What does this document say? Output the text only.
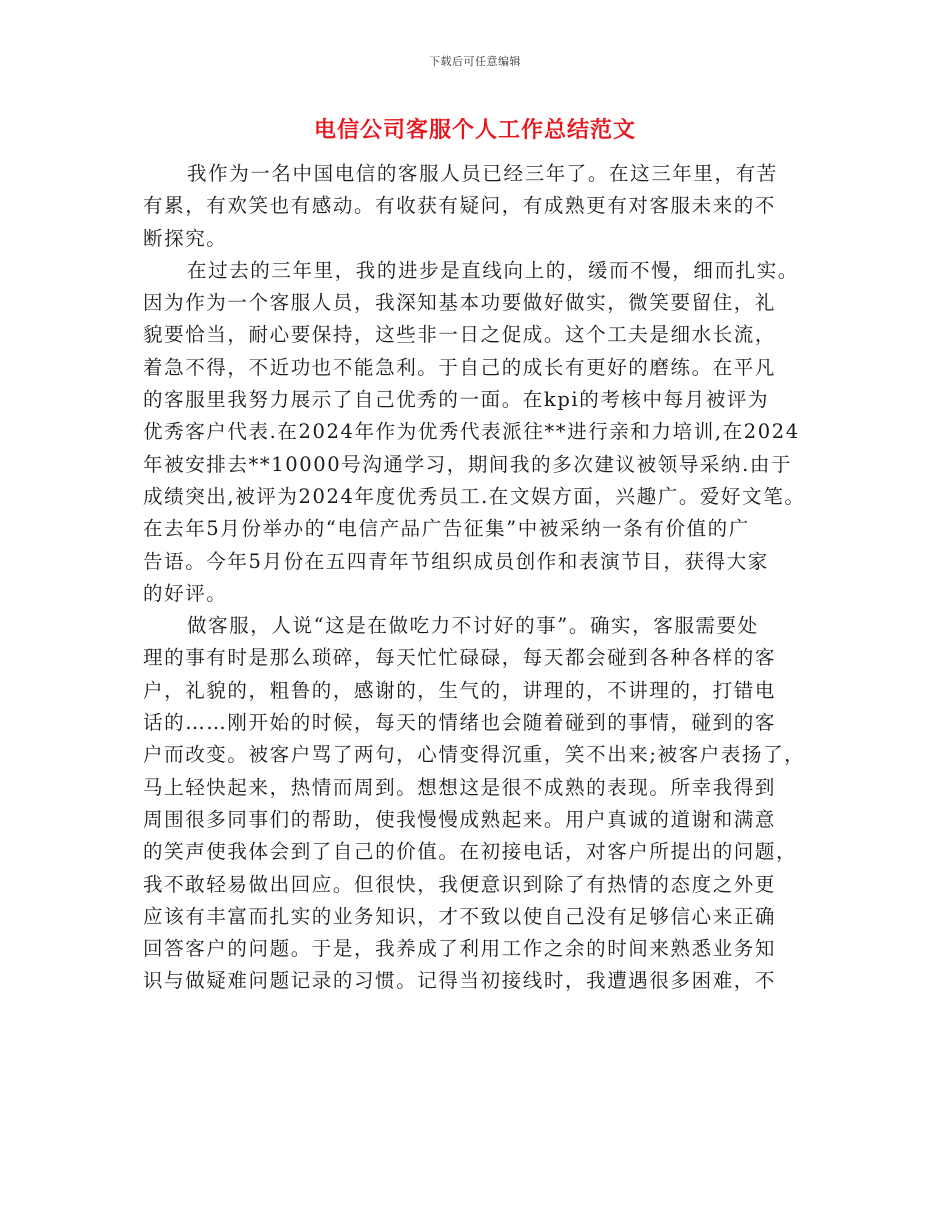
下载后可任意编辑
电信公司客服个人工作总结范文
我作为一名中国电信的客服人员已经三年了。在这三年里，有苦
有累，有欢笑也有感动。有收获有疑问，有成熟更有对客服未来的不
断探究。
在过去的三年里，我的进步是直线向上的，缓而不慢，细而扎实。
因为作为一个客服人员，我深知基本功要做好做实，微笑要留住，礼
貌要恰当，耐心要保持，这些非一日之促成。这个工夫是细水长流，
着急不得，不近功也不能急利。于自己的成长有更好的磨练。在平凡
的客服里我努力展示了自己优秀的一面。在kpi的考核中每月被评为
优秀客户代表.在2024年作为优秀代表派往**进行亲和力培训,在2024
年被安排去**10000号沟通学习，期间我的多次建议被领导采纳.由于
成绩突出,被评为2024年度优秀员工.在文娱方面，兴趣广。爱好文笔。
在去年5月份举办的“电信产品广告征集”中被采纳一条有价值的广
告语。今年5月份在五四青年节组织成员创作和表演节目，获得大家
的好评。
做客服，人说“这是在做吃力不讨好的事”。确实，客服需要处
理的事有时是那么琐碎，每天忙忙碌碌，每天都会碰到各种各样的客
户，礼貌的，粗鲁的，感谢的，生气的，讲理的，不讲理的，打错电
话的……刚开始的时候，每天的情绪也会随着碰到的事情，碰到的客
户而改变。被客户骂了两句，心情变得沉重，笑不出来;被客户表扬了，
马上轻快起来，热情而周到。想想这是很不成熟的表现。所幸我得到
周围很多同事们的帮助，使我慢慢成熟起来。用户真诚的道谢和满意
的笑声使我体会到了自己的价值。在初接电话，对客户所提出的问题，
我不敢轻易做出回应。但很快，我便意识到除了有热情的态度之外更
应该有丰富而扎实的业务知识，才不致以使自己没有足够信心来正确
回答客户的问题。于是，我养成了利用工作之余的时间来熟悉业务知
识与做疑难问题记录的习惯。记得当初接线时，我遭遇很多困难，不
